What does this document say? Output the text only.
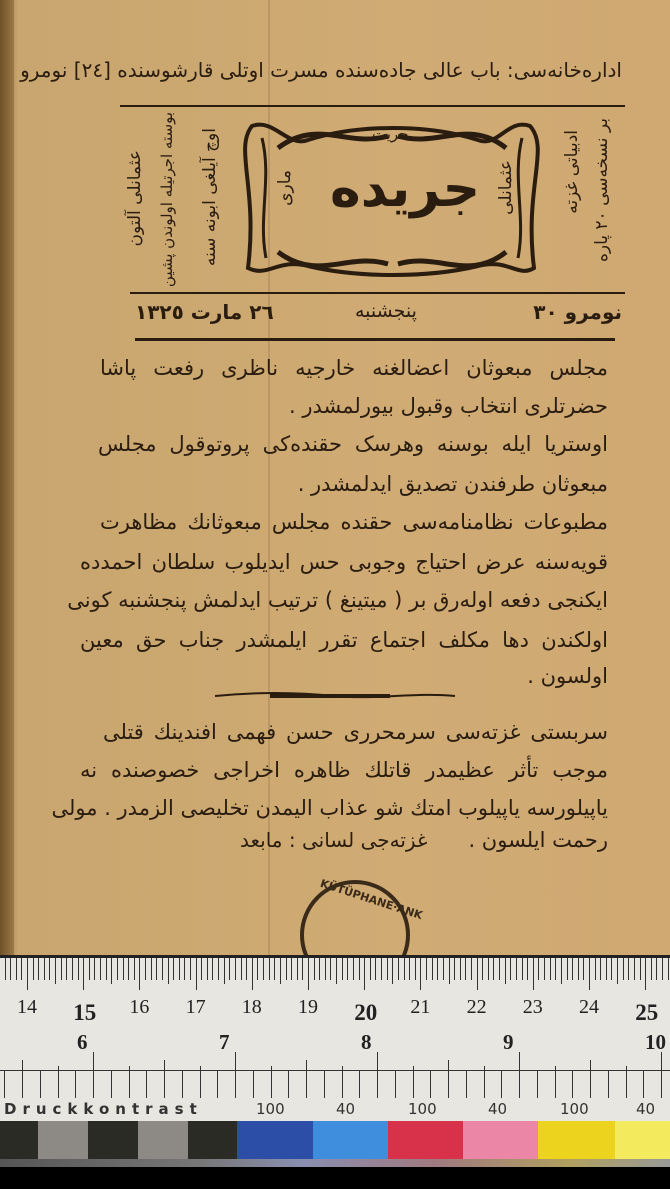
اداره‌خانه‌سی: باب عالی جاده‌سنده مسرت اوتلی قارشوسنده [٢٤] نومرو
حریت
جریده عثمانلی
ماری
بر نسخه‌سی ٢٠ پاره
ادبیاتی غزته
اوچ آیلغی ابونه سنه
بوسته اجرتیله اولوندن پشین
عثمانلی آلتون
نومرو ٣٠
پنجشنبه
٢٦ مارت ١٣٢٥
مجلس مبعوثان اعضالغنه خارجیه ناظری رفعت پاشا
حضرتلری انتخاب وقبول بیورلمشدر .
اوستریا ایله بوسنه وهرسک حقنده‌کی پروتوقول مجلس
مبعوثان طرفندن تصدیق ایدلمشدر .
مطبوعات نظامنامه‌سی حقنده مجلس مبعوثانك مظاهرت
قویه‌سنه عرض احتیاج وجوبی حس ایدیلوب سلطان احمدده
ایکنجی دفعه اوله‌رق بر ( میتینغ ) ترتیب ایدلمش پنجشنبه کونی
اولکندن دها مکلف اجتماع تقرر ایلمشدر جناب حق معین
اولسون .
سربستی غزته‌سی سرمحرری حسن فهمی افندینك قتلی
موجب تأثر عظیمدر قاتلك ظاهره اخراجی خصوصنده نه
یاپیلورسه یاپیلوب امتك شو عذاب الیمدن تخلیصی الزمدر . مولی
رحمت ایلسون .
غزته‌جی لسانی : مابعد
KÜTÜPHANE·ANK
14 15 16 17 18 19 20 21 22 23 24 25
6	7	8	9	10
Druckkontrast	100	40	100	40	100	40
